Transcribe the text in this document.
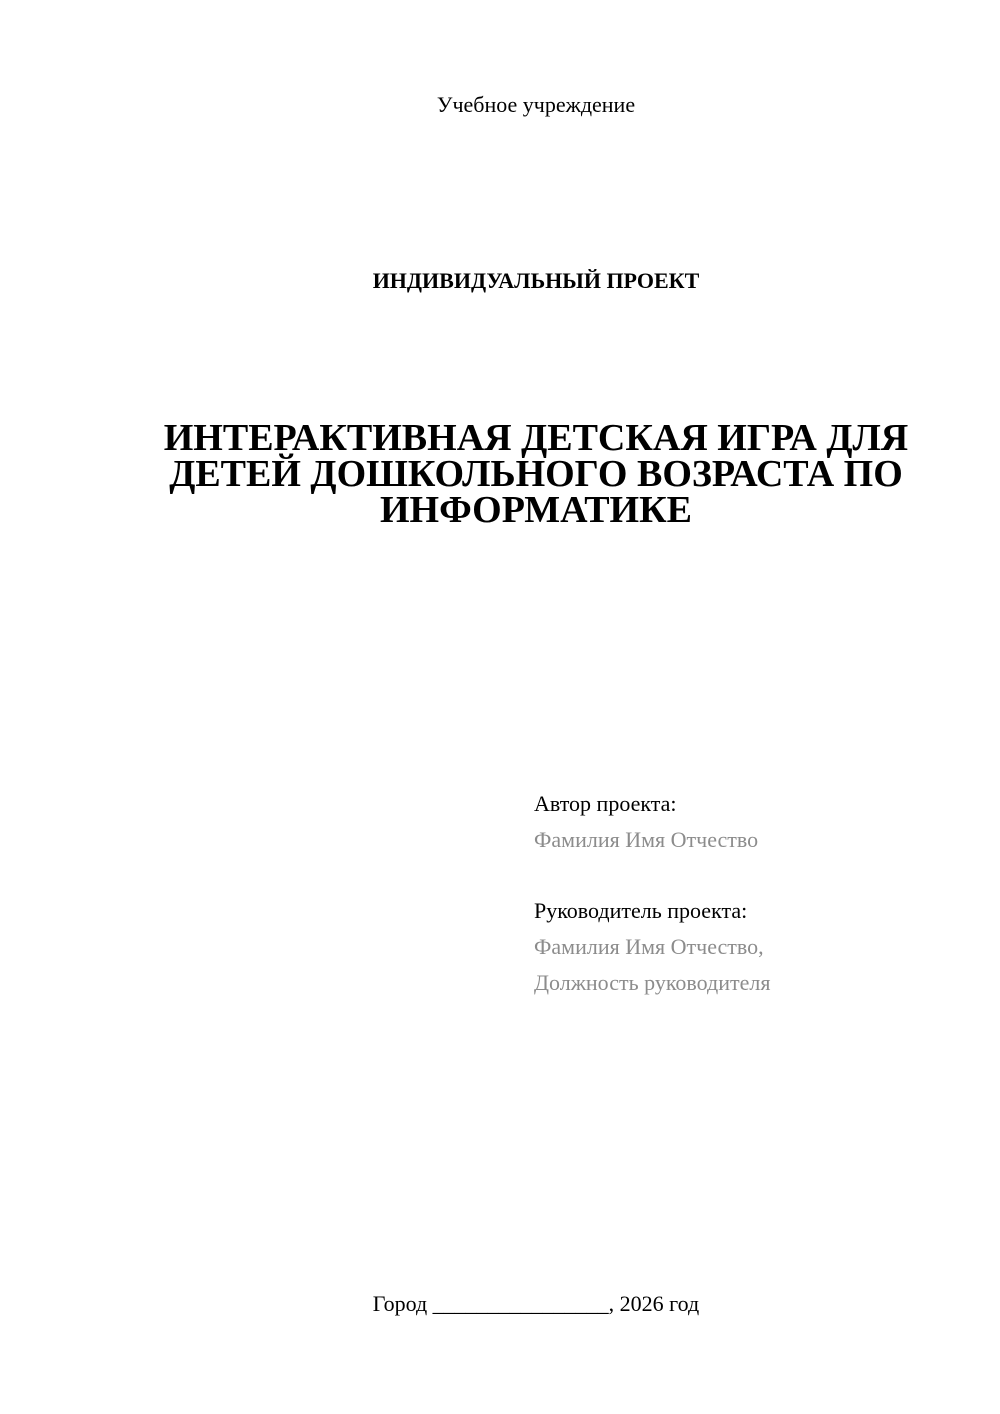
Учебное учреждение
ИНДИВИДУАЛЬНЫЙ ПРОЕКТ
ИНТЕРАКТИВНАЯ ДЕТСКАЯ ИГРА ДЛЯ
ДЕТЕЙ ДОШКОЛЬНОГО ВОЗРАСТА ПО
ИНФОРМАТИКЕ
Автор проекта:
Фамилия Имя Отчество
Руководитель проекта:
Фамилия Имя Отчество,
Должность руководителя
Город ________________, 2026 год
